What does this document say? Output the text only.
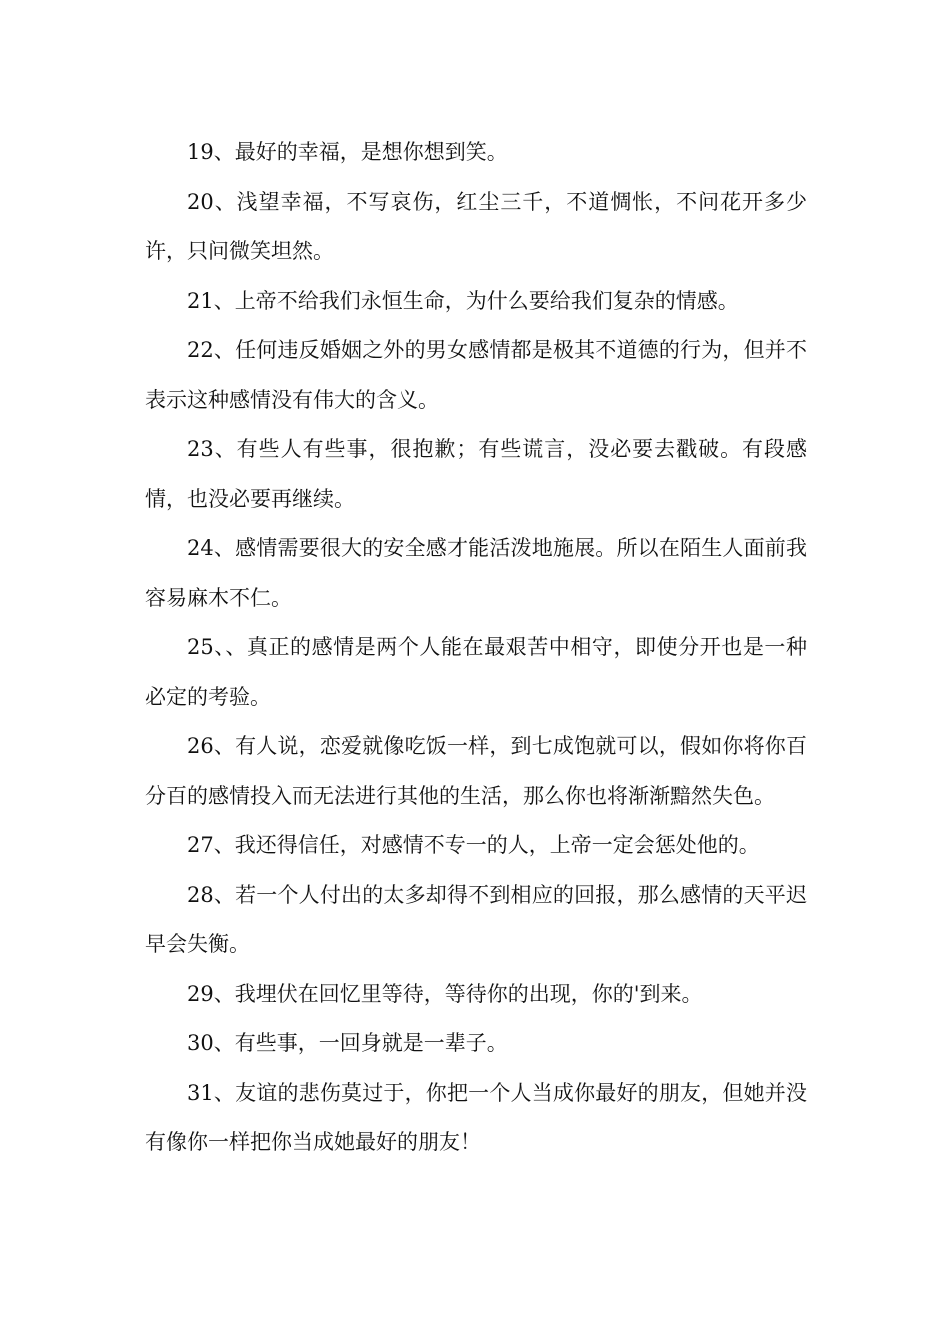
19、最好的幸福，是想你想到笑。

20、浅望幸福，不写哀伤，红尘三千，不道惆怅，不问花开多少许，只问微笑坦然。

21、上帝不给我们永恒生命，为什么要给我们复杂的情感。

22、任何违反婚姻之外的男女感情都是极其不道德的行为，但并不表示这种感情没有伟大的含义。

23、有些人有些事，很抱歉；有些谎言，没必要去戳破。有段感情，也没必要再继续。

24、感情需要很大的安全感才能活泼地施展。所以在陌生人面前我容易麻木不仁。

25、、真正的感情是两个人能在最艰苦中相守，即使分开也是一种必定的考验。

26、有人说，恋爱就像吃饭一样，到七成饱就可以，假如你将你百分百的感情投入而无法进行其他的生活，那么你也将渐渐黯然失色。

27、我还得信任，对感情不专一的人，上帝一定会惩处他的。

28、若一个人付出的太多却得不到相应的回报，那么感情的天平迟早会失衡。

29、我埋伏在回忆里等待，等待你的出现，你的'到来。

30、有些事，一回身就是一辈子。

31、友谊的悲伤莫过于，你把一个人当成你最好的朋友，但她并没有像你一样把你当成她最好的朋友！
